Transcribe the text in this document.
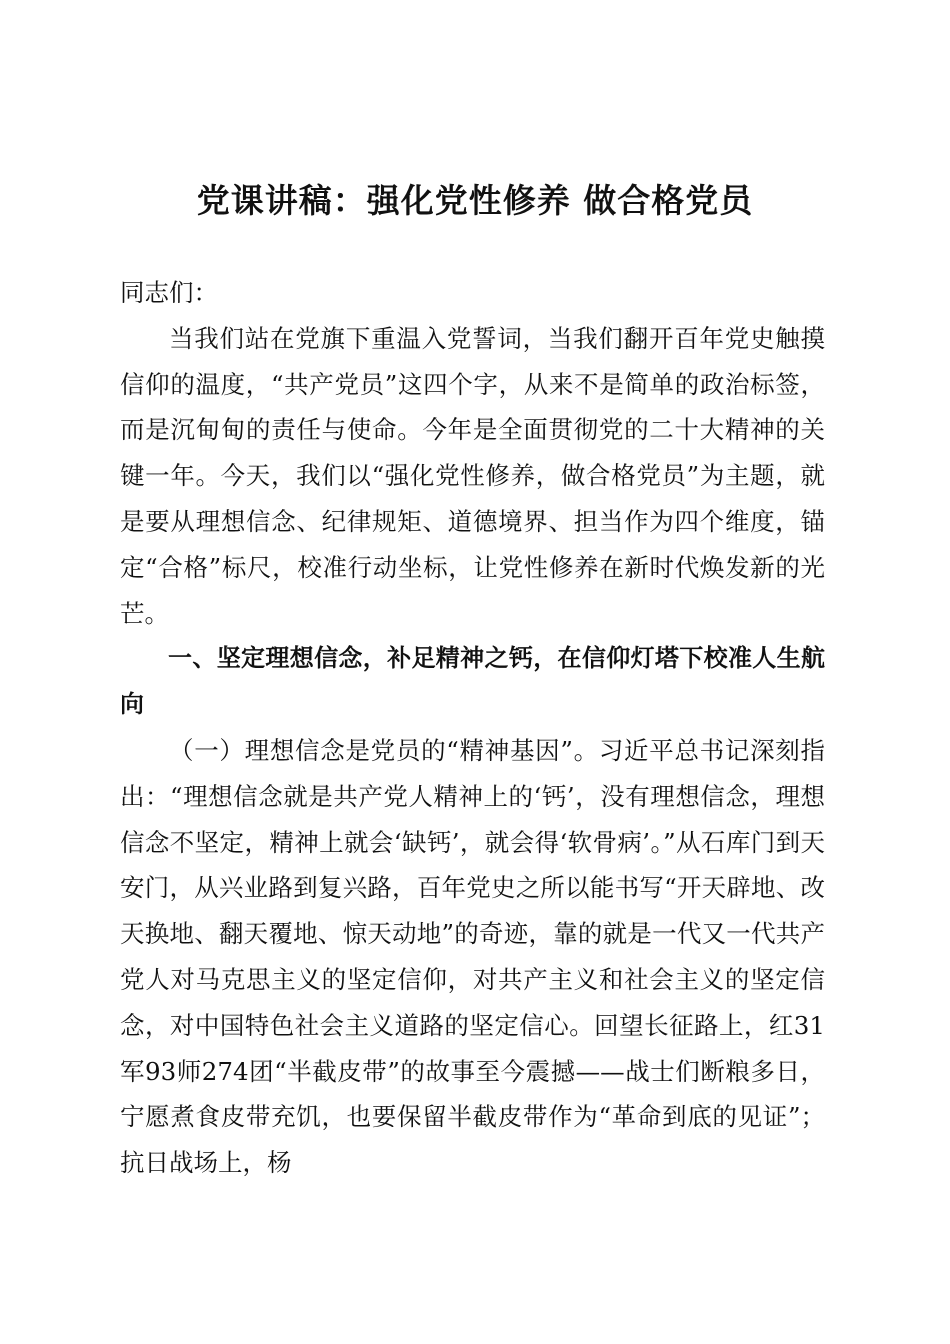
党课讲稿：强化党性修养 做合格党员

同志们：

当我们站在党旗下重温入党誓词，当我们翻开百年党史触摸信仰的温度，“共产党员”这四个字，从来不是简单的政治标签，而是沉甸甸的责任与使命。今年是全面贯彻党的二十大精神的关键一年。今天，我们以“强化党性修养，做合格党员”为主题，就是要从理想信念、纪律规矩、道德境界、担当作为四个维度，锚定“合格”标尺，校准行动坐标，让党性修养在新时代焕发新的光芒。

一、坚定理想信念，补足精神之钙，在信仰灯塔下校准人生航向

（一）理想信念是党员的“精神基因”。习近平总书记深刻指出：“理想信念就是共产党人精神上的‘钙’，没有理想信念，理想信念不坚定，精神上就会‘缺钙’，就会得‘软骨病’。”从石库门到天安门，从兴业路到复兴路，百年党史之所以能书写“开天辟地、改天换地、翻天覆地、惊天动地”的奇迹，靠的就是一代又一代共产党人对马克思主义的坚定信仰，对共产主义和社会主义的坚定信念，对中国特色社会主义道路的坚定信心。回望长征路上，红31军93师274团“半截皮带”的故事至今震撼——战士们断粮多日，宁愿煮食皮带充饥，也要保留半截皮带作为“革命到底的见证”；抗日战场上，杨
